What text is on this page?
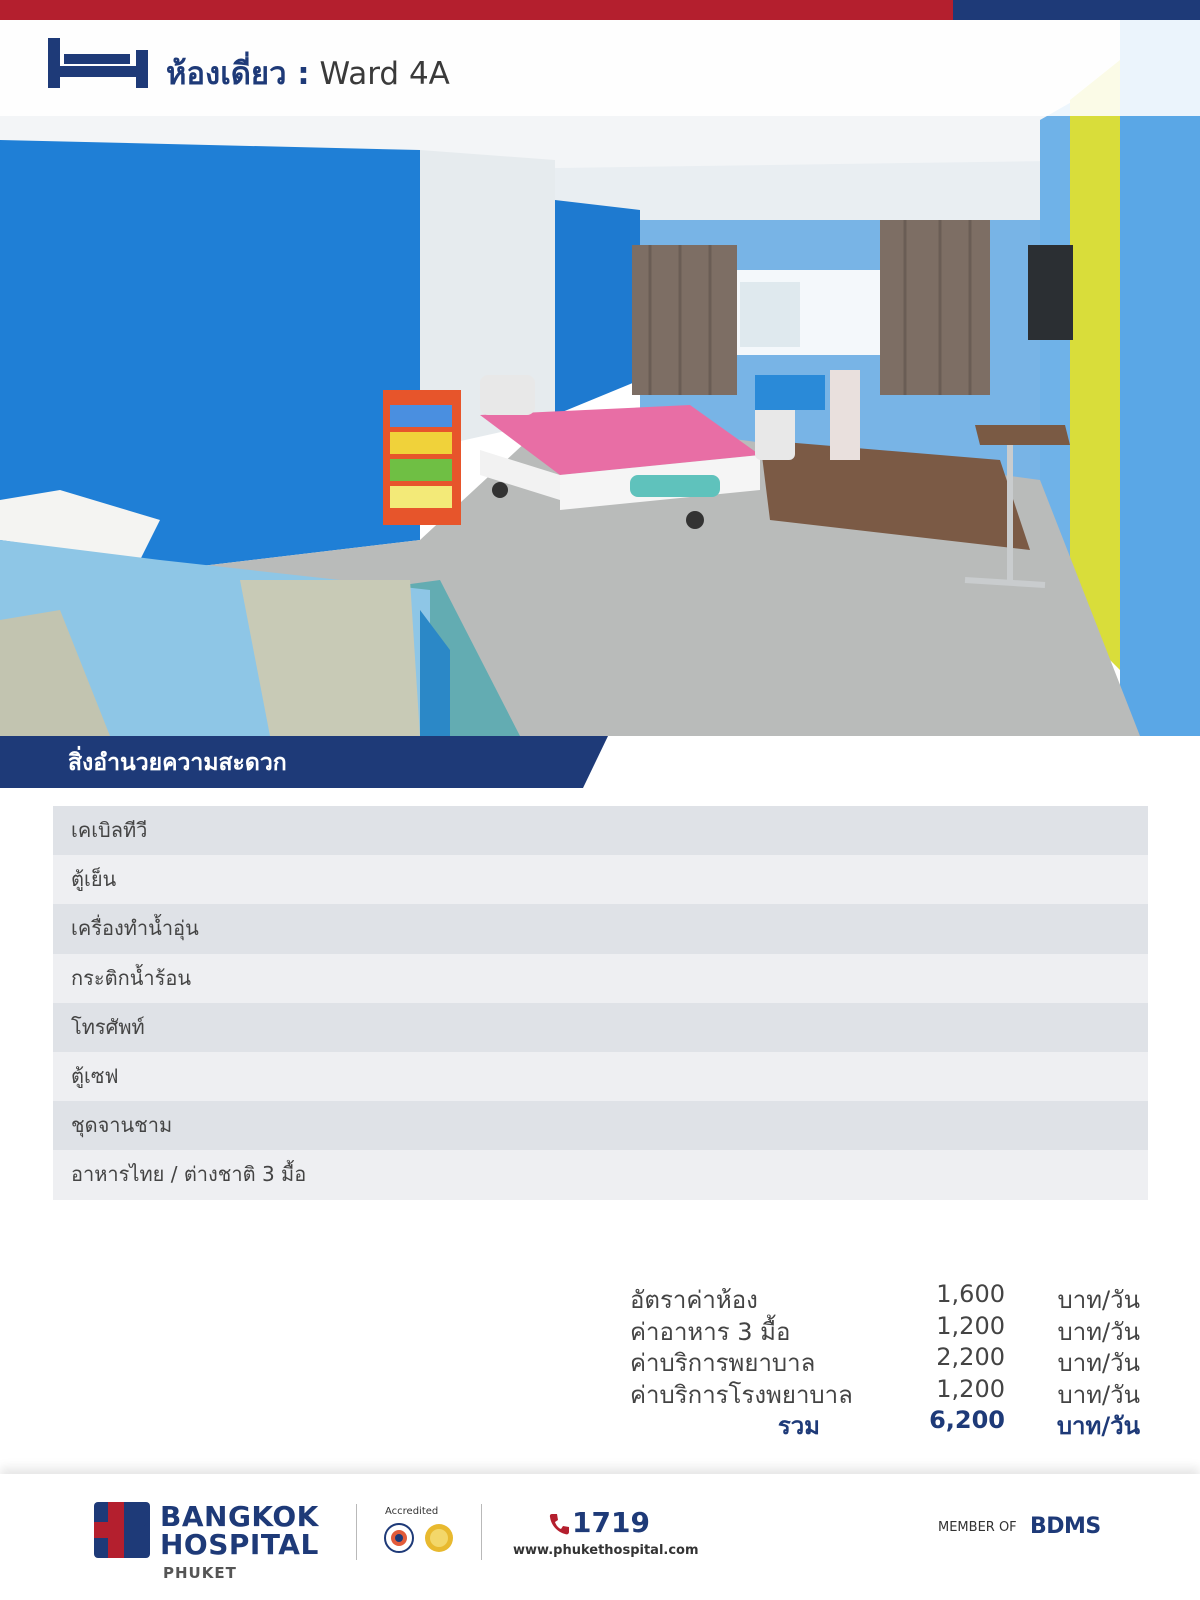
ห้องเดี่ยว : Ward 4A
สิ่งอำนวยความสะดวก
เคเบิลทีวี
ตู้เย็น
เครื่องทำน้ำอุ่น
กระติกน้ำร้อน
โทรศัพท์
ตู้เซฟ
ชุดจานชาม
อาหารไทย / ต่างชาติ 3 มื้อ
อัตราค่าห้อง	1,600 บาท/วัน
ค่าอาหาร 3 มื้อ	1,200 บาท/วัน
ค่าบริการพยาบาล	2,200 บาท/วัน
ค่าบริการโรงพยาบาล	1,200 บาท/วัน
รวม	6,200 บาท/วัน
BANGKOK
HOSPITAL
PHUKET
Accredited	1719
www.phukethospital.com
MEMBER OF BDMS
